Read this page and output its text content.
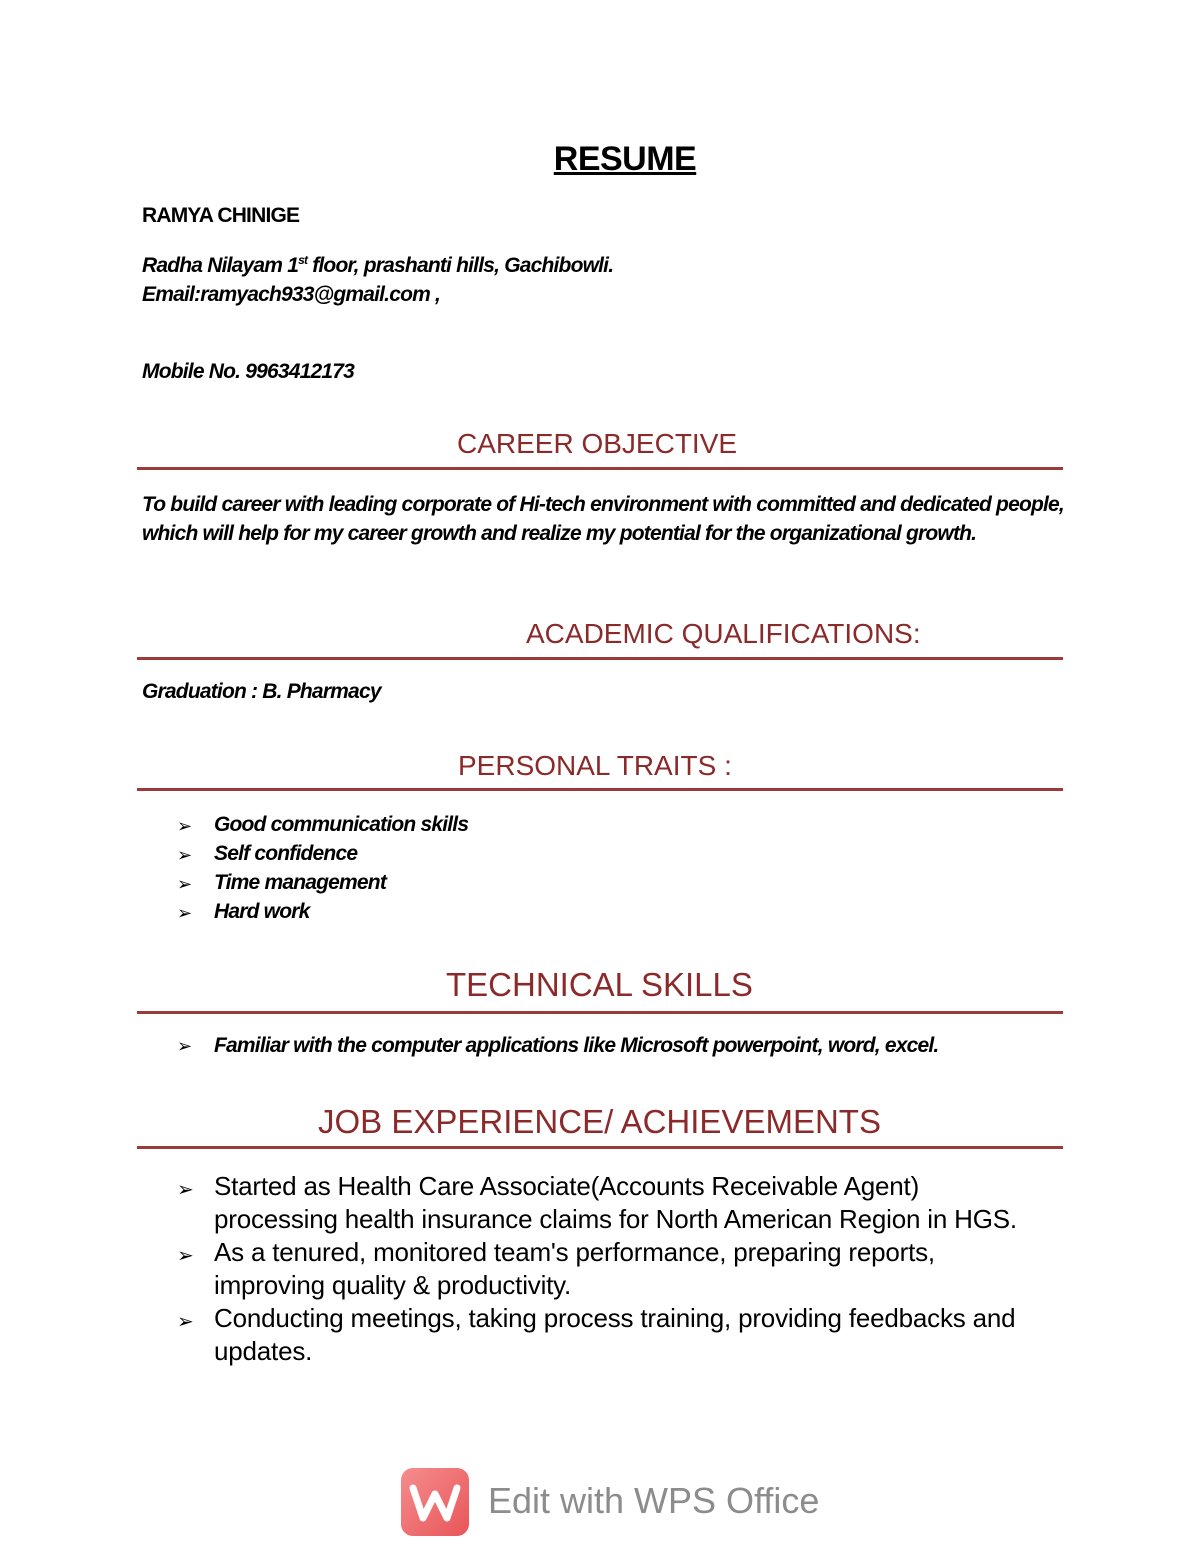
RESUME
RAMYA CHINIGE
Radha Nilayam 1st floor, prashanti hills, Gachibowli.
Email:ramyach933@gmail.com ,
Mobile No. 9963412173
CAREER OBJECTIVE
To build career with leading corporate of Hi-tech environment with committed and dedicated people, which will help for my career growth and realize my potential for the organizational growth.
ACADEMIC QUALIFICATIONS:
Graduation : B. Pharmacy
PERSONAL TRAITS :
➢ Good communication skills
➢ Self confidence
➢ Time management
➢ Hard work
TECHNICAL SKILLS
➢ Familiar with the computer applications like Microsoft powerpoint, word, excel.
JOB EXPERIENCE/ ACHIEVEMENTS
➢ Started as Health Care Associate(Accounts Receivable Agent) processing health insurance claims for North American Region in HGS.
➢ As a tenured, monitored team's performance, preparing reports, improving quality & productivity.
➢ Conducting meetings, taking process training, providing feedbacks and updates.
Edit with WPS Office
